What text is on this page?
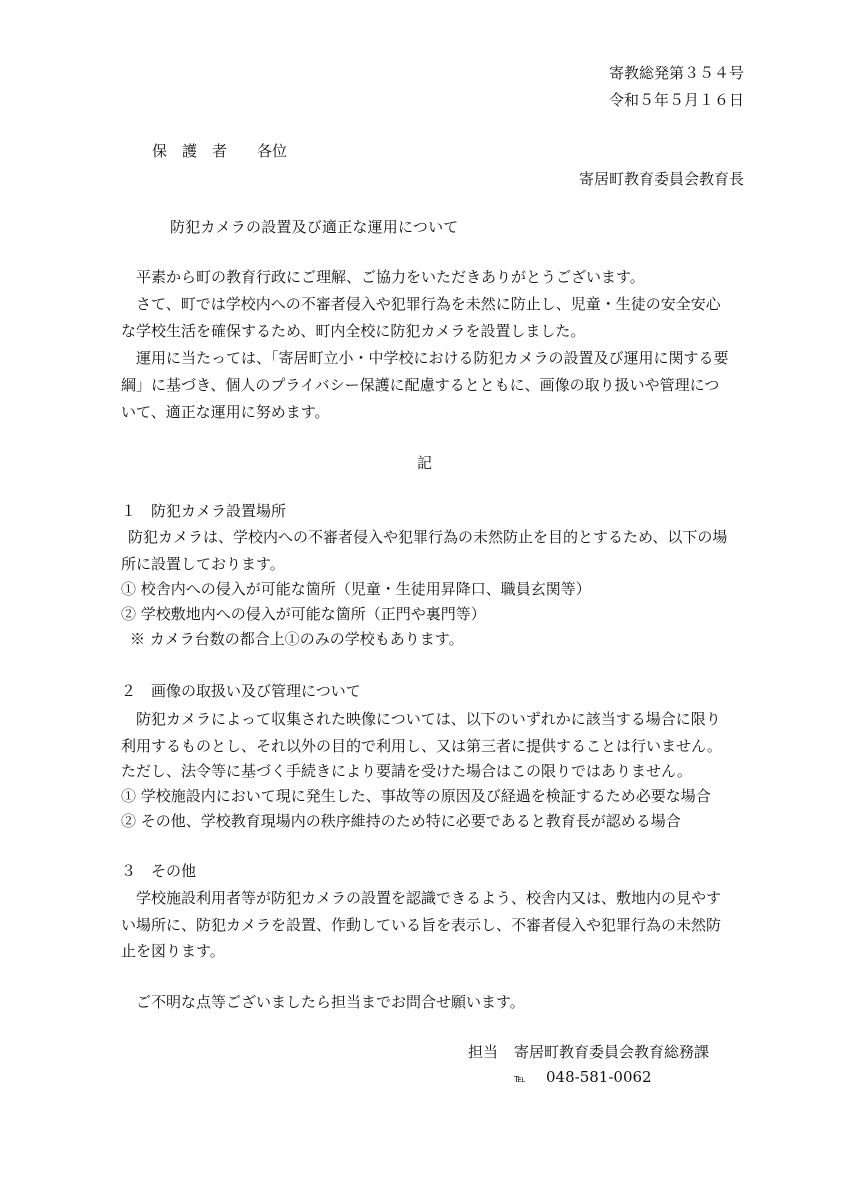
寄教総発第３５４号
令和５年５月１６日
保　護　者　　各位
寄居町教育委員会教育長
防犯カメラの設置及び適正な運用について
平素から町の教育行政にご理解、ご協力をいただきありがとうございます。
さて、町では学校内への不審者侵入や犯罪行為を未然に防止し、児童・生徒の安全安心
な学校生活を確保するため、町内全校に防犯カメラを設置しました。
運用に当たっては、「寄居町立小・中学校における防犯カメラの設置及び運用に関する要
綱」に基づき、個人のプライバシー保護に配慮するとともに、画像の取り扱いや管理につ
いて、適正な運用に努めます。
記
１　防犯カメラ設置場所
防犯カメラは、学校内への不審者侵入や犯罪行為の未然防止を目的とするため、以下の場
所に設置しております。
① 校舎内への侵入が可能な箇所（児童・生徒用昇降口、職員玄関等）
② 学校敷地内への侵入が可能な箇所（正門や裏門等）
※ カメラ台数の都合上①のみの学校もあります。
２　画像の取扱い及び管理について
防犯カメラによって収集された映像については、以下のいずれかに該当する場合に限り
利用するものとし、それ以外の目的で利用し、又は第三者に提供することは行いません。
ただし、法令等に基づく手続きにより要請を受けた場合はこの限りではありません。
① 学校施設内において現に発生した、事故等の原因及び経過を検証するため必要な場合
② その他、学校教育現場内の秩序維持のため特に必要であると教育長が認める場合
３　その他
学校施設利用者等が防犯カメラの設置を認識できるよう、校舎内又は、敷地内の見やす
い場所に、防犯カメラを設置、作動している旨を表示し、不審者侵入や犯罪行為の未然防
止を図ります。
ご不明な点等ございましたら担当までお問合せ願います。
担当 寄居町教育委員会教育総務課
℡ 048-581-0062
